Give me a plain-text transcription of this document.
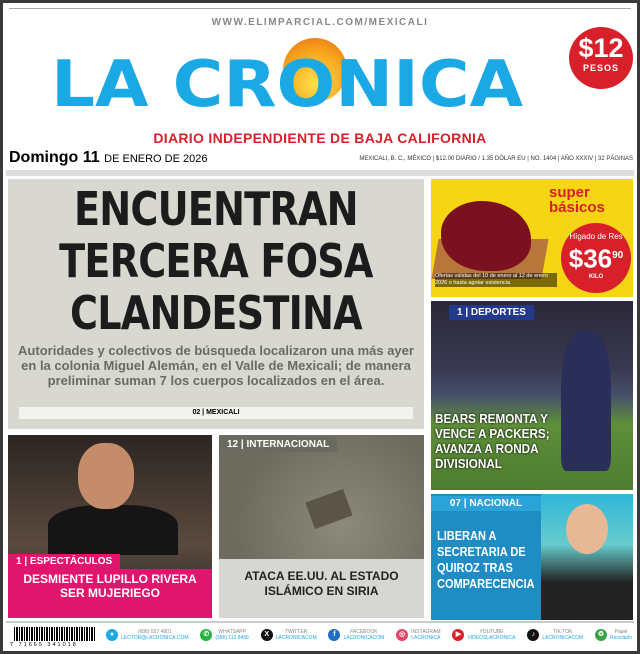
WWW.ELIMPARCIAL.COM/MEXICALI
LA CRONICA	$12
PESOS
DIARIO INDEPENDIENTE DE BAJA CALIFORNIA
Domingo 11 DE ENERO DE 2026	MEXICALI, B. C., MÉXICO | $12.00 DIARIO / 1.35 DÓLAR EU | NO. 1404 | AÑO XXXIV | 32 PÁGINAS
ENCUENTRAN TERCERA FOSA CLANDESTINA
Autoridades y colectivos de búsqueda localizaron una más ayer en la colonia Miguel Alemán, en el Valle de Mexicali; de manera preliminar suman 7 los cuerpos localizados en el área.
02 | MEXICALI
super básicos
Hígado de Res
$\$36^{90}$
KILO
Ofertas válidas del 10 de enero al 12 de enero 2026 o hasta agotar existencia.
1 | DEPORTES
BEARS REMONTA Y VENCE A PACKERS; AVANZA A RONDA DIVISIONAL
07 | NACIONAL
LIBERAN A SECRETARIA DE QUIROZ TRAS COMPARECENCIA
1 | ESPECTÁCULOS
DESMIENTE LUPILLO RIVERA SER MUJERIEGO
12 | INTERNACIONAL
ATACA EE.UU. AL ESTADO ISLÁMICO EN SIRIA
7 71665 341018
●	(686) 557 4801
LECTOR@LACRONICA.COM	✆	WHATSAPP
(686) 113 8456	X	TWITTER
LACRONICACOM	f	FACEBOOK
LACRONICACOM	◎	INSTAGRAM
LACRONICA	▶	YOUTUBE
VIDEOSLACRONICA	♪	TIK TOK
LACRONICACOM	♻	Papel
Reciclado
